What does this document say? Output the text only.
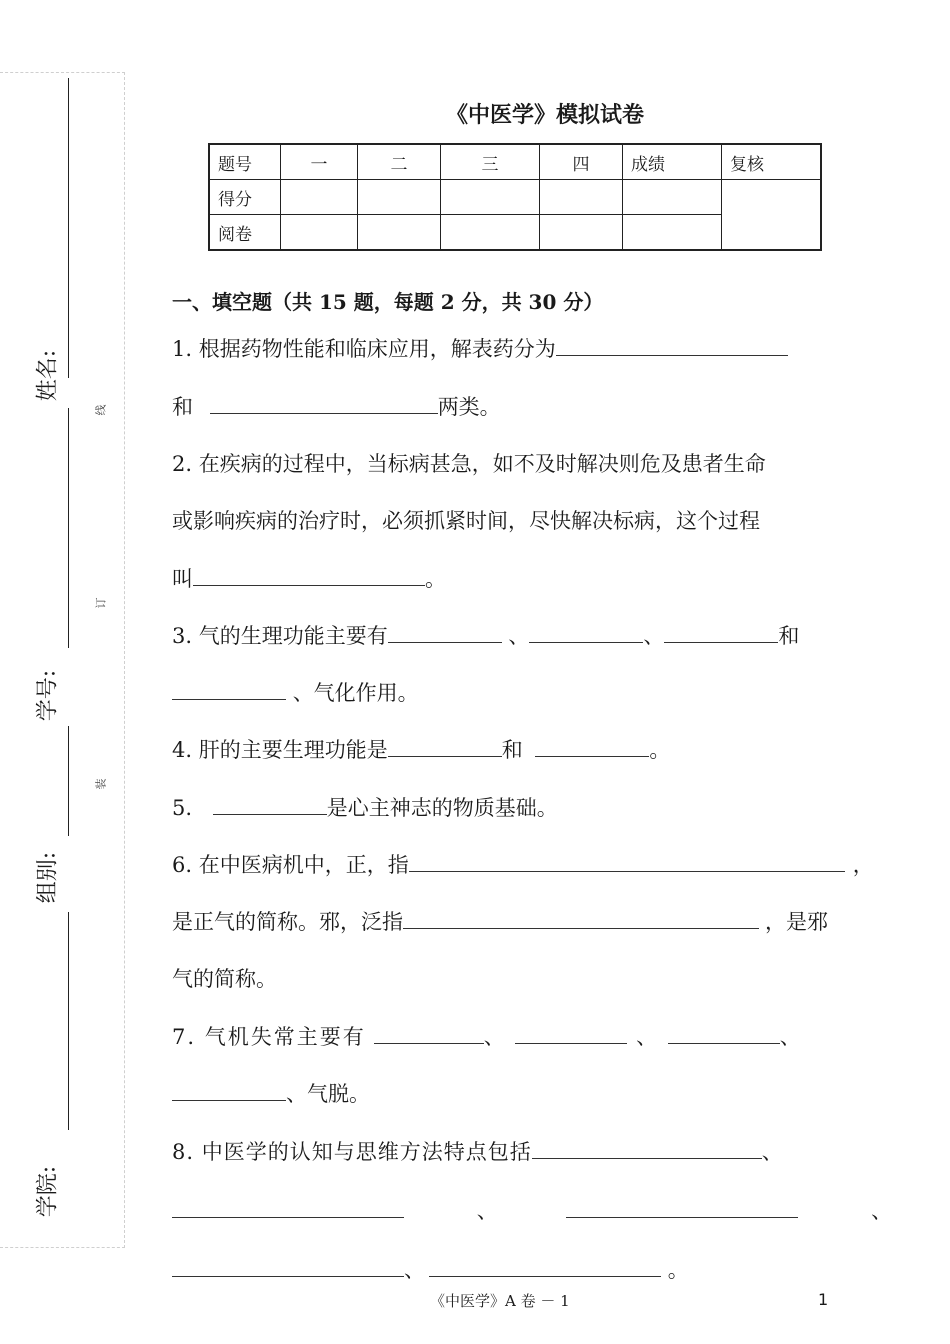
姓名:
学号:
组别:
学院:
线
订
装
《中医学》模拟试卷
题号	一	二	三	四	成绩	复核
得分						
阅卷						
一、填空题（共 15 题，每题 2 分，共 30 分）
1. 根据药物性能和临床应用，解表药分为
和	两类。
2. 在疾病的过程中，当标病甚急，如不及时解决则危及患者生命
或影响疾病的治疗时，必须抓紧时间，尽快解决标病，这个过程
叫	。
3. 气的生理功能主要有	、	、	和
、气化作用。
4. 肝的主要生理功能是	和	。
5.	是心主神志的物质基础。
6. 在中医病机中，正，指	，
是正气的简称。邪，泛指	，是邪
气的简称。
7. 气机失常主要有	、	、	、
、气脱。
8. 中医学的认知与思维方法特点包括	、
、	、
、	。
《中医学》A 卷 － 1	1
